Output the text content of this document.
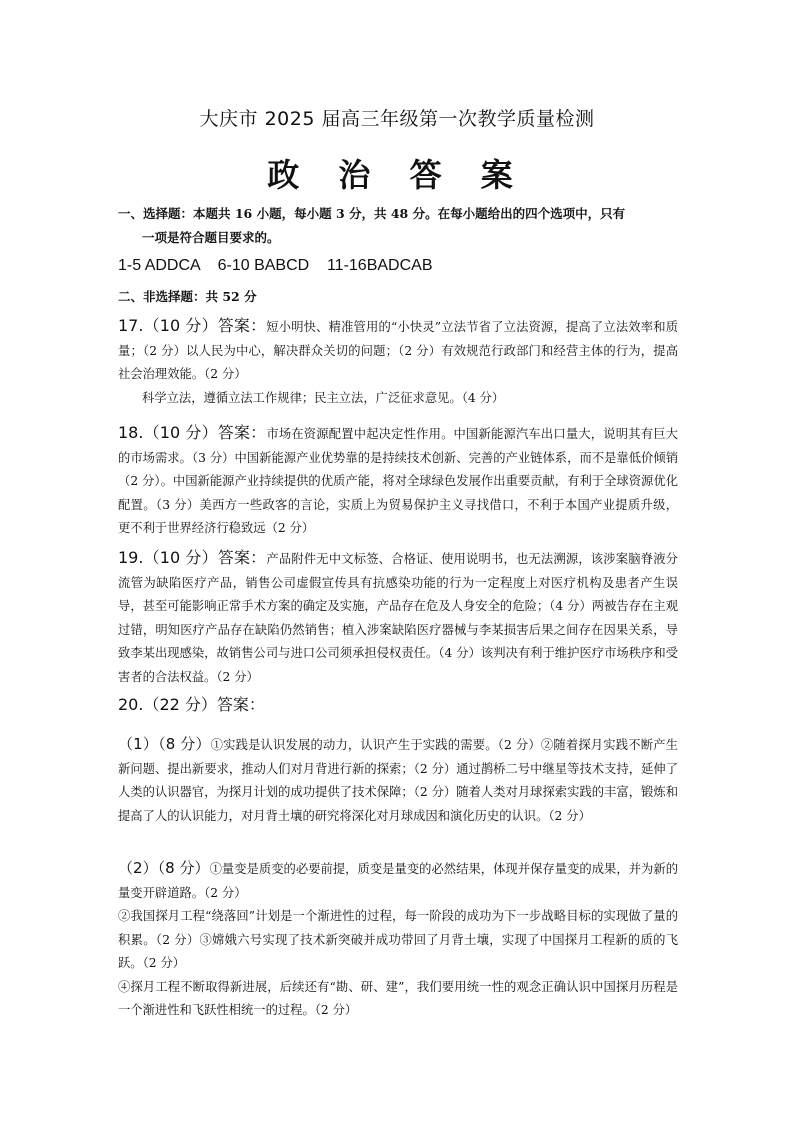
大庆市 2025 届高三年级第一次教学质量检测
政 治 答 案
一、选择题：本题共 16 小题，每小题 3 分，共 48 分。在每小题给出的四个选项中，只有
一项是符合题目要求的。
1-5 ADDCA    6-10 BABCD    11-16BADCAB
二、非选择题：共 52 分
17.（10 分）答案：短小明快、精准管用的“小快灵”立法节省了立法资源，提高了立法效率和质量；（2 分）以人民为中心，解决群众关切的问题；（2 分）有效规范行政部门和经营主体的行为，提高社会治理效能。（2 分）
科学立法，遵循立法工作规律；民主立法，广泛征求意见。（4 分）
18.（10 分）答案：市场在资源配置中起决定性作用。中国新能源汽车出口量大，说明其有巨大的市场需求。（3 分）中国新能源产业优势靠的是持续技术创新、完善的产业链体系，而不是靠低价倾销（2 分）。中国新能源产业持续提供的优质产能，将对全球绿色发展作出重要贡献，有利于全球资源优化配置。（3 分）美西方一些政客的言论，实质上为贸易保护主义寻找借口，不利于本国产业提质升级， 更不利于世界经济行稳致远（2 分）
19.（10 分）答案：产品附件无中文标签、合格证、使用说明书，也无法溯源，该涉案脑脊液分流管为缺陷医疗产品，销售公司虚假宣传具有抗感染功能的行为一定程度上对医疗机构及患者产生误导，甚至可能影响正常手术方案的确定及实施，产品存在危及人身安全的危险；（4 分）两被告存在主观过错，明知医疗产品存在缺陷仍然销售；植入涉案缺陷医疗器械与李某损害后果之间存在因果关系，导致李某出现感染，故销售公司与进口公司须承担侵权责任。（4 分）该判决有利于维护医疗市场秩序和受害者的合法权益。（2 分）
20.（22 分）答案：
（1）（8 分）①实践是认识发展的动力，认识产生于实践的需要。（2 分）②随着探月实践不断产生新问题、提出新要求，推动人们对月背进行新的探索；（2 分）通过鹊桥二号中继星等技术支持，延伸了人类的认识器官，为探月计划的成功提供了技术保障；（2 分）随着人类对月球探索实践的丰富，锻炼和提高了人的认识能力，对月背土壤的研究将深化对月球成因和演化历史的认识。（2 分）
（2）（8 分）①量变是质变的必要前提，质变是量变的必然结果，体现并保存量变的成果，并为新的量变开辟道路。（2 分）
②我国探月工程“绕落回”计划是一个渐进性的过程，每一阶段的成功为下一步战略目标的实现做了量的积累。（2 分）③嫦娥六号实现了技术新突破并成功带回了月背土壤，实现了中国探月工程新的质的飞跃。（2 分）
④探月工程不断取得新进展，后续还有“勘、研、建”，我们要用统一性的观念正确认识中国探月历程是一个渐进性和飞跃性相统一的过程。（2 分）
